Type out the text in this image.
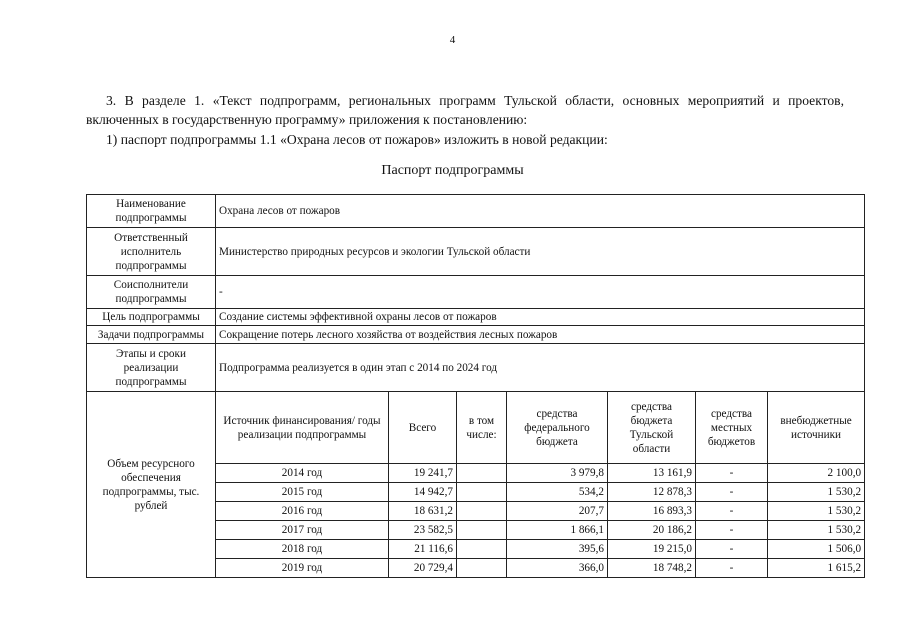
4
3. В разделе 1. «Текст подпрограмм, региональных программ Тульской области, основных мероприятий и проектов, включенных в государственную программу» приложения к постановлению:
1) паспорт подпрограммы 1.1 «Охрана лесов от пожаров» изложить в новой редакции:
Паспорт подпрограммы
Наименование подпрограммы	Охрана лесов от пожаров						
Ответственный исполнитель подпрограммы	Министерство природных ресурсов и экологии Тульской области						
Соисполнители подпрограммы	-						
Цель подпрограммы	Создание системы эффективной охраны лесов от пожаров						
Задачи подпрограммы	Сокращение потерь лесного хозяйства от воздействия лесных пожаров						
Этапы и сроки реализации подпрограммы	Подпрограмма реализуется в один этап с 2014 по 2024 год						
Объем ресурсного обеспечения подпрограммы, тыс. рублей	Источник финансирования/ годы реализации подпрограммы	Всего	в том числе:	средства федерального бюджета	средства бюджета Тульской области	средства местных бюджетов	внебюджетные источники
	2014 год	19 241,7		3 979,8	13 161,9	-	2 100,0
	2015 год	14 942,7		534,2	12 878,3	-	1 530,2
	2016 год	18 631,2		207,7	16 893,3	-	1 530,2
	2017 год	23 582,5		1 866,1	20 186,2	-	1 530,2
	2018 год	21 116,6		395,6	19 215,0	-	1 506,0
	2019 год	20 729,4		366,0	18 748,2	-	1 615,2
